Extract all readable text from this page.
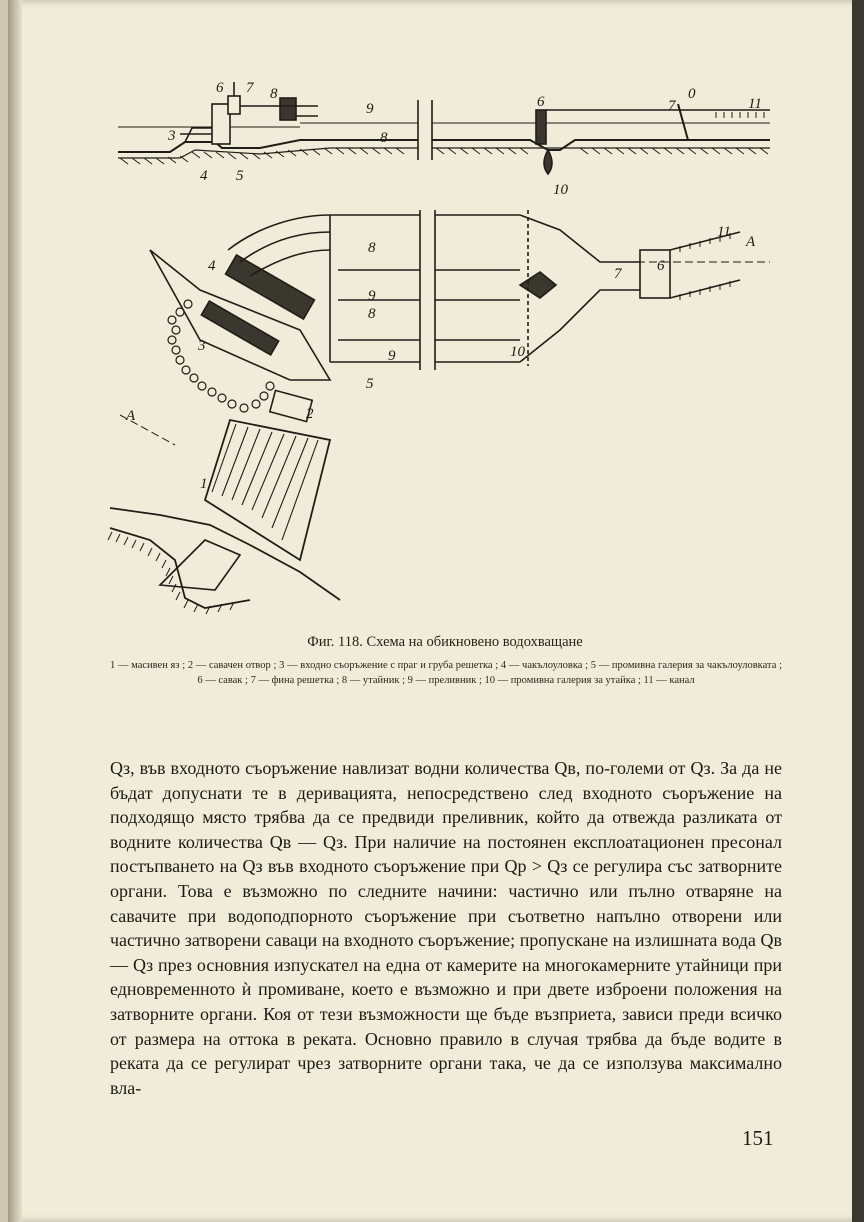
6 7 8
9
8
6	0
7	11
3
4 5
10
4
8
9
8
9
3
5
2
1
11
7 6
10
A
A
Фиг. 118. Схема на обикновено водохващане
1 — масивен яз ; 2 — савачен отвор ; 3 — входно съоръжение с праг и груба решетка ; 4 — чакълоуловка ; 5 — промивна галерия за чакълоуловката ; 6 — савак ; 7 — фина решетка ; 8 — утайник ; 9 — преливник ; 10 — промивна галерия за утайка ; 11 — канал
Qз, във входното съоръжение навлизат водни количества Qв, по-големи от Qз. За да не бъдат допуснати те в деривацията, непосредствено след входното съоръжение на подходящо място трябва да се предвиди преливник, който да отвежда разликата от водните количества Qв — Qз. При наличие на постоянен експлоатационен пресонал постъпването на Qз във входното съоръжение при Qр > Qз се регулира със затворните органи. Това е възможно по следните начини: частично или пълно отваряне на савачите при водоподпорното съоръжение при съответно напълно отворени или частично затворени саваци на входното съоръжение; пропускане на излишната вода Qв — Qз през основния изпускател на една от камерите на многокамерните утайници при едновременното ѝ промиване, което е възможно и при двете изброени положения на затворните органи. Коя от тези възможности ще бъде възприета, зависи преди всичко от размера на оттока в реката. Основно правило в случая трябва да бъде водите в реката да се регулират чрез затворните органи така, че да се използува максимално вла-
151
